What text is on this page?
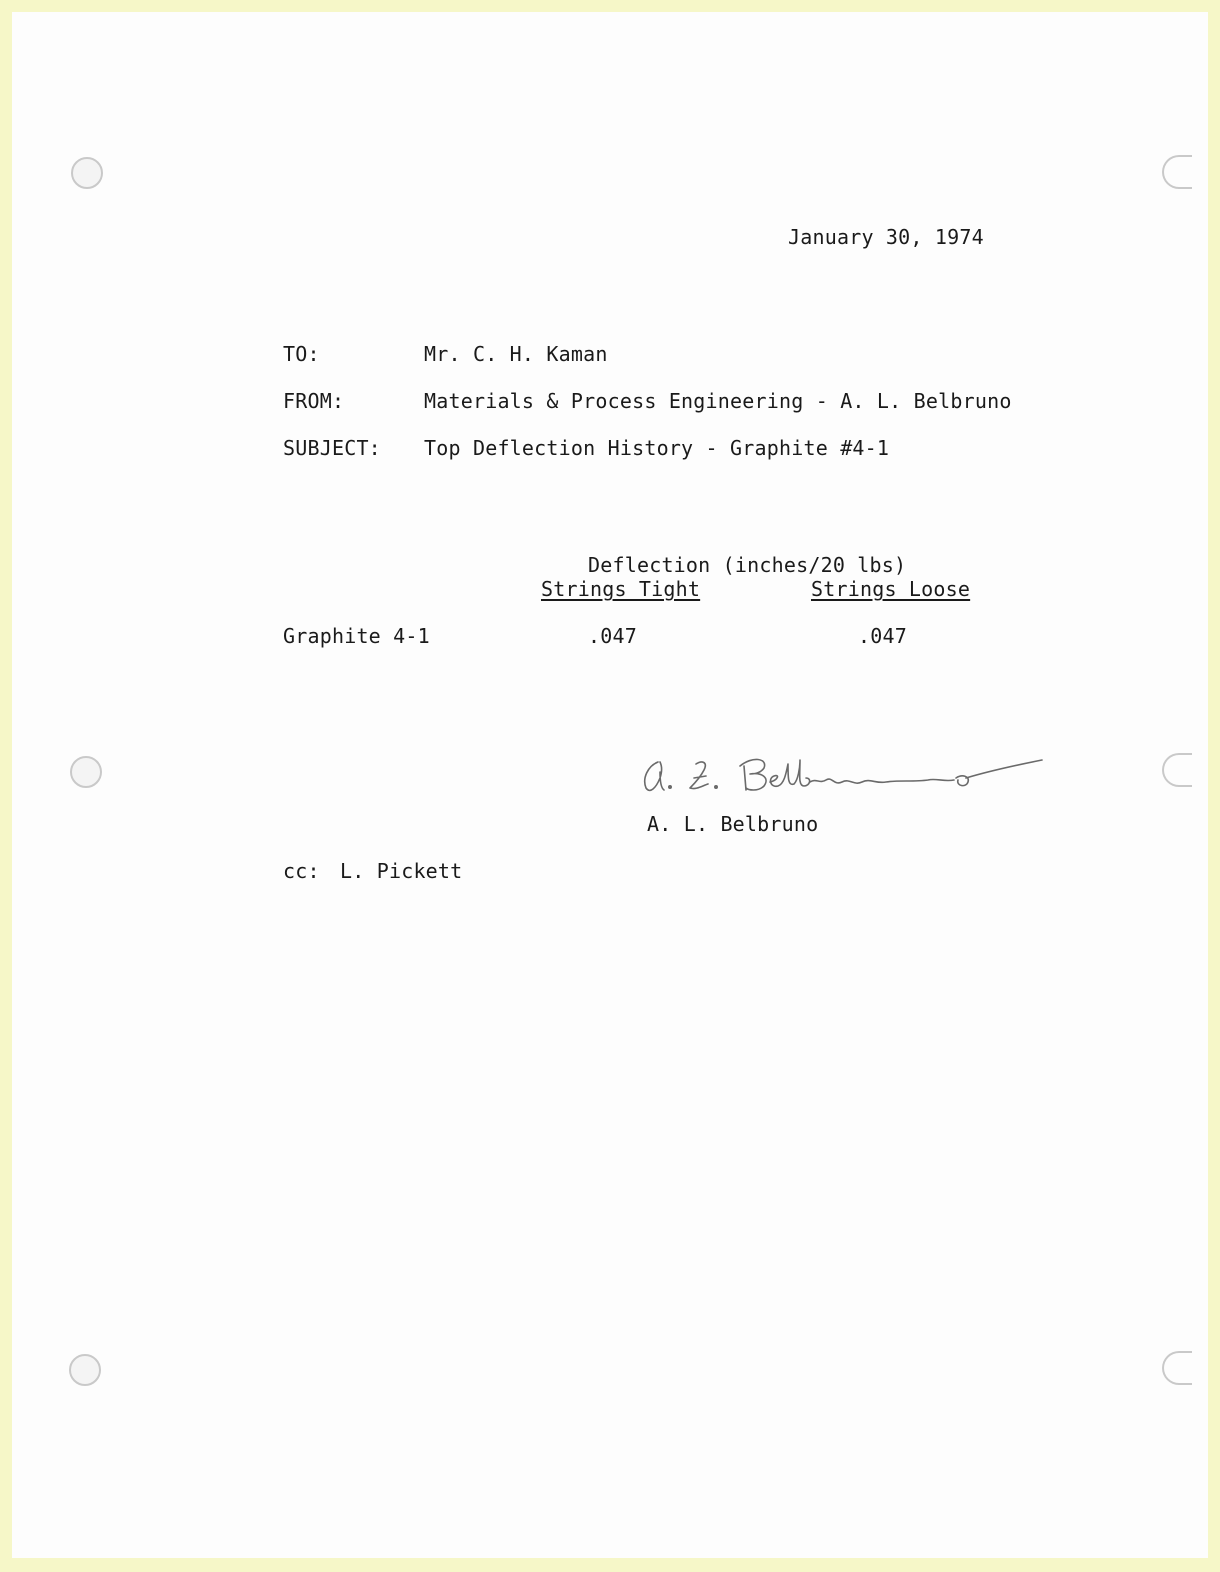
January 30, 1974
TO:	Mr. C. H. Kaman
FROM:	Materials & Process Engineering - A. L. Belbruno
SUBJECT: Top Deflection History - Graphite #4-1
Deflection (inches/20 lbs)
Strings Tight	Strings Loose
Graphite 4-1	.047	.047
A. L. Belbruno
cc: L. Pickett
